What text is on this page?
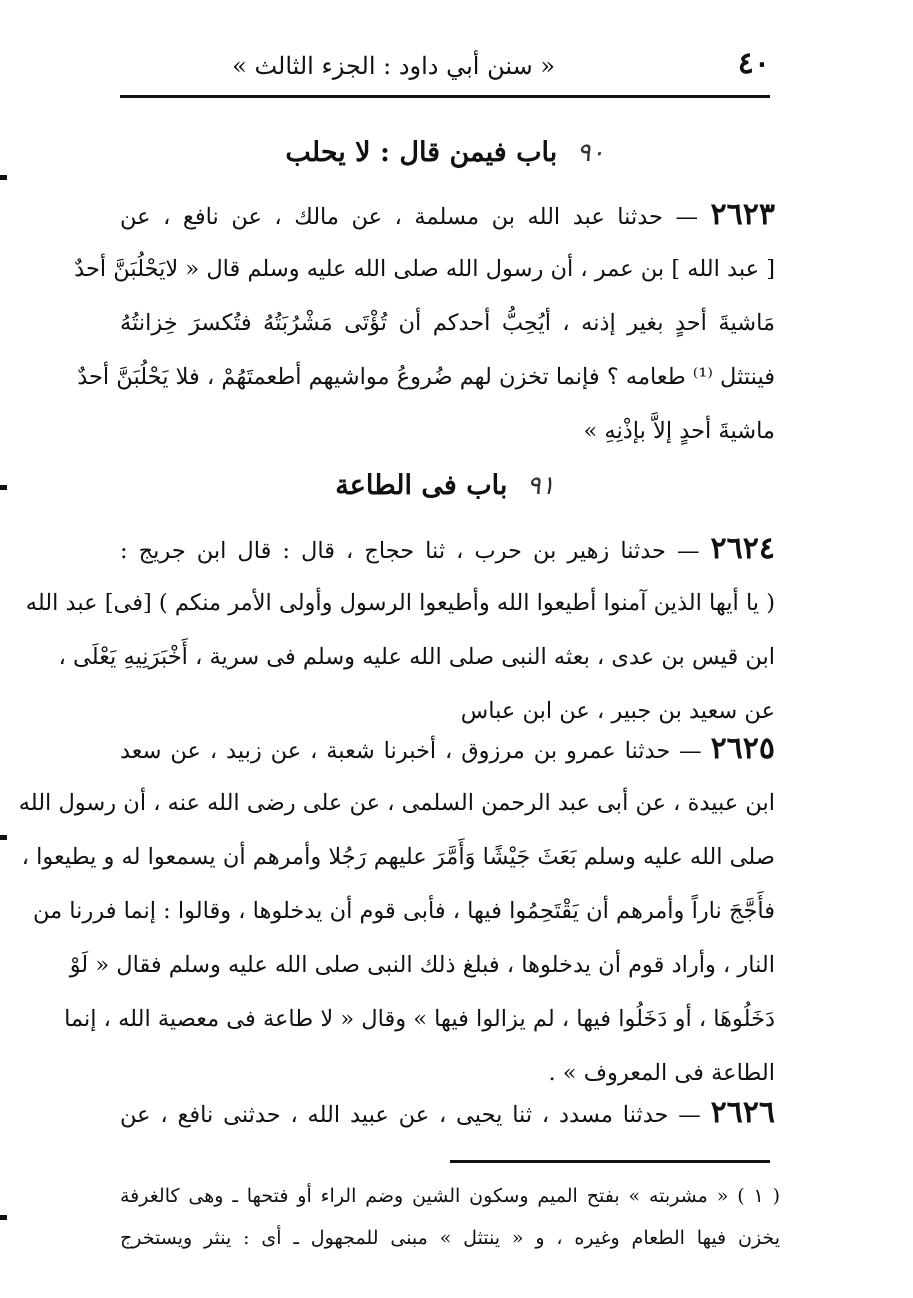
٤٠
« سنن أبي داود : الجزء الثالث »
٩٠ باب فيمن قال : لا يحلب
٢٦٢٣ — حدثنا عبد الله بن مسلمة ، عن مالك ، عن نافع ، عن
[ عبد الله ] بن عمر ، أن رسول الله صلى الله عليه وسلم قال « لايَحْلُبَنَّ أحدٌ
مَاشيةَ أحدٍ بغير إذنه ، أيُحِبُّ أحدكم أن تُؤْتَى مَشْرُبَتُهُ فتُكسرَ خِزانتُهُ
فينتثل ⁽¹⁾ طعامه ؟ فإنما تخزن لهم ضُروعُ مواشيهم أطعمتَهُمْ ، فلا يَحْلُبَنَّ أحدٌ
ماشيةَ أحدٍ إلاَّ بإذْنِهِ »
٩١ باب فى الطاعة
٢٦٢٤ — حدثنا زهير بن حرب ، ثنا حجاج ، قال : قال ابن جريج :
( يا أيها الذين آمنوا أطيعوا الله وأطيعوا الرسول وأولى الأمر منكم ) [فى] عبد الله
ابن قيس بن عدى ، بعثه النبى صلى الله عليه وسلم فى سرية ، أَخْبَرَنِيهِ يَعْلَى ،
عن سعيد بن جبير ، عن ابن عباس
٢٦٢٥ — حدثنا عمرو بن مرزوق ، أخبرنا شعبة ، عن زبيد ، عن سعد
ابن عبيدة ، عن أبى عبد الرحمن السلمى ، عن على رضى الله عنه ، أن رسول الله
صلى الله عليه وسلم بَعَثَ جَيْشًا وَأَمَّرَ عليهم رَجُلا وأمرهم أن يسمعوا له و يطيعوا ،
فأَجَّجَ ناراً وأمرهم أن يَقْتَحِمُوا فيها ، فأبى قوم أن يدخلوها ، وقالوا : إنما فررنا من
النار ، وأراد قوم أن يدخلوها ، فبلغ ذلك النبى صلى الله عليه وسلم فقال « لَوْ
دَخَلُوهَا ، أو دَخَلُوا فيها ، لم يزالوا فيها » وقال « لا طاعة فى معصية الله ، إنما
الطاعة فى المعروف » .
٢٦٢٦ — حدثنا مسدد ، ثنا يحيى ، عن عبيد الله ، حدثنى نافع ، عن
( ١ ) « مشربته » بفتح الميم وسكون الشين وضم الراء أو فتحها ـ وهى كالغرفة
يخزن فيها الطعام وغيره ، و « ينتثل » مبنى للمجهول ـ أى : ينثر ويستخرج
